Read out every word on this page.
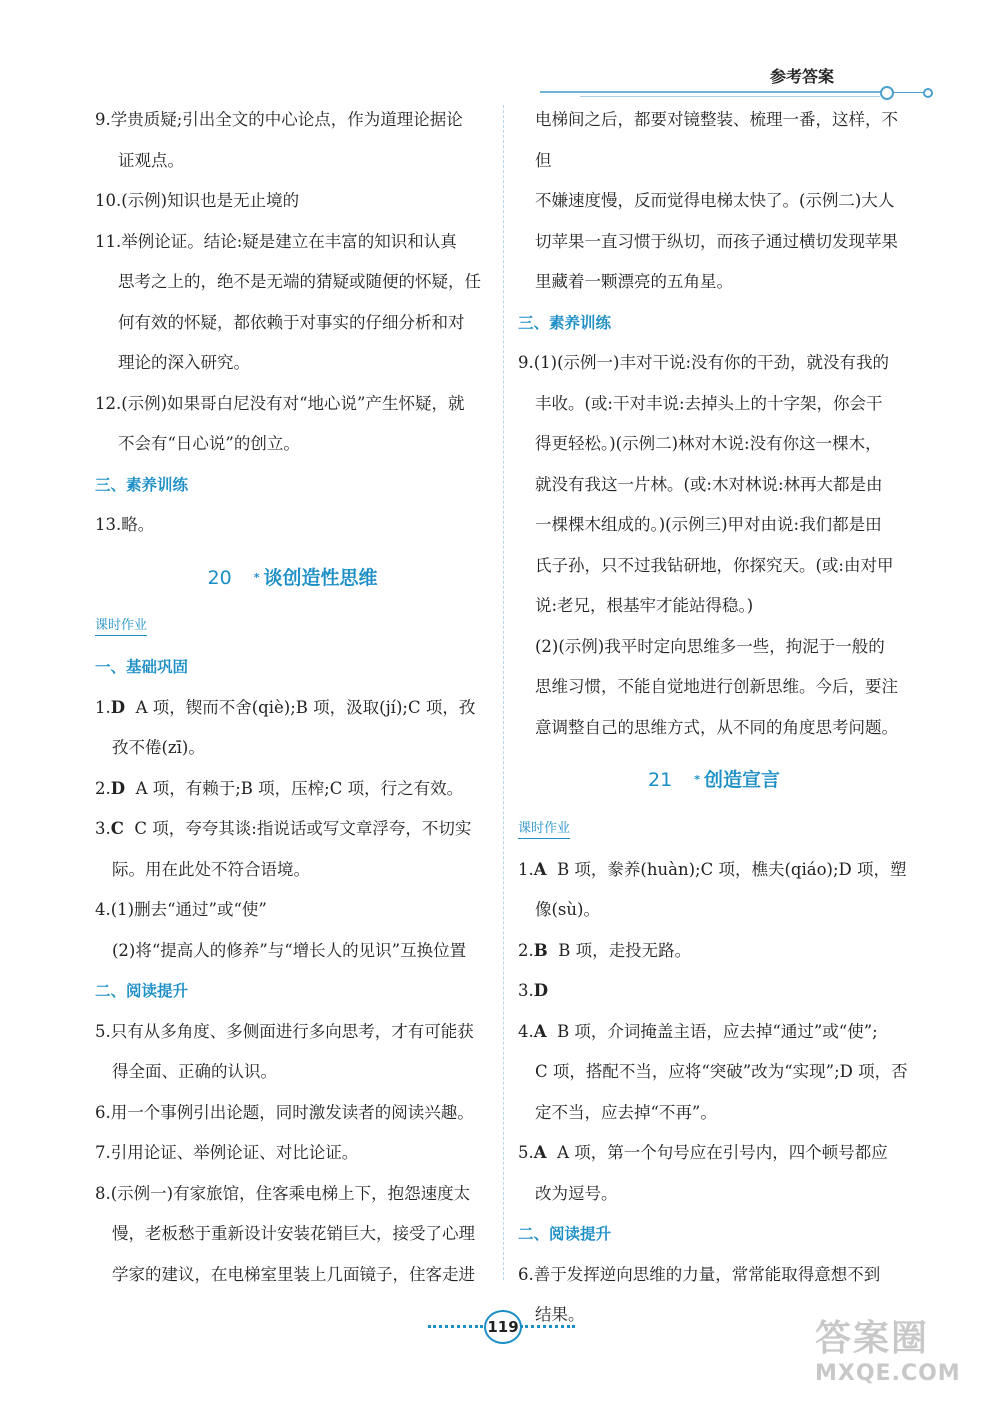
参考答案

9.学贵质疑;引出全文的中心论点，作为道理论据论

证观点。

10.(示例)知识也是无止境的

11.举例论证。结论:疑是建立在丰富的知识和认真

思考之上的，绝不是无端的猜疑或随便的怀疑，任

何有效的怀疑，都依赖于对事实的仔细分析和对

理论的深入研究。

12.(示例)如果哥白尼没有对“地心说”产生怀疑，就

不会有“日心说”的创立。

三、素养训练

13.略。

20 * 谈创造性思维

课时作业

一、基础巩固

1.D A 项，锲而不舍(qiè);B 项，汲取(jí);C 项，孜

孜不倦(zī)。

2.D A 项，有赖于;B 项，压榨;C 项，行之有效。

3.C C 项，夸夸其谈:指说话或写文章浮夸，不切实

际。用在此处不符合语境。

4.(1)删去“通过”或“使”

(2)将“提高人的修养”与“增长人的见识”互换位置

二、阅读提升

5.只有从多角度、多侧面进行多向思考，才有可能获

得全面、正确的认识。

6.用一个事例引出论题，同时激发读者的阅读兴趣。

7.引用论证、举例论证、对比论证。

8.(示例一)有家旅馆，住客乘电梯上下，抱怨速度太

慢，老板愁于重新设计安装花销巨大，接受了心理

学家的建议，在电梯室里装上几面镜子，住客走进

电梯间之后，都要对镜整装、梳理一番，这样，不但

不嫌速度慢，反而觉得电梯太快了。(示例二)大人

切苹果一直习惯于纵切，而孩子通过横切发现苹果

里藏着一颗漂亮的五角星。

三、素养训练

9.(1)(示例一)丰对干说:没有你的干劲，就没有我的

丰收。(或:干对丰说:去掉头上的十字架，你会干

得更轻松。)(示例二)林对木说:没有你这一棵木，

就没有我这一片林。(或:木对林说:林再大都是由

一棵棵木组成的。)(示例三)甲对由说:我们都是田

氏子孙，只不过我钻研地，你探究天。(或:由对甲

说:老兄，根基牢才能站得稳。)

(2)(示例)我平时定向思维多一些，拘泥于一般的

思维习惯，不能自觉地进行创新思维。今后，要注

意调整自己的思维方式，从不同的角度思考问题。

21 * 创造宣言

课时作业

1.A B 项，豢养(huàn);C 项，樵夫(qiáo);D 项，塑

像(sù)。

2.B B 项，走投无路。

3.D

4.A B 项，介词掩盖主语，应去掉“通过”或“使”;

C 项，搭配不当，应将“突破”改为“实现”;D 项，否

定不当，应去掉“不再”。

5.A A 项，第一个句号应在引号内，四个顿号都应

改为逗号。

二、阅读提升

6.善于发挥逆向思维的力量，常常能取得意想不到

结果。

119	答案圈
MXQE.COM
